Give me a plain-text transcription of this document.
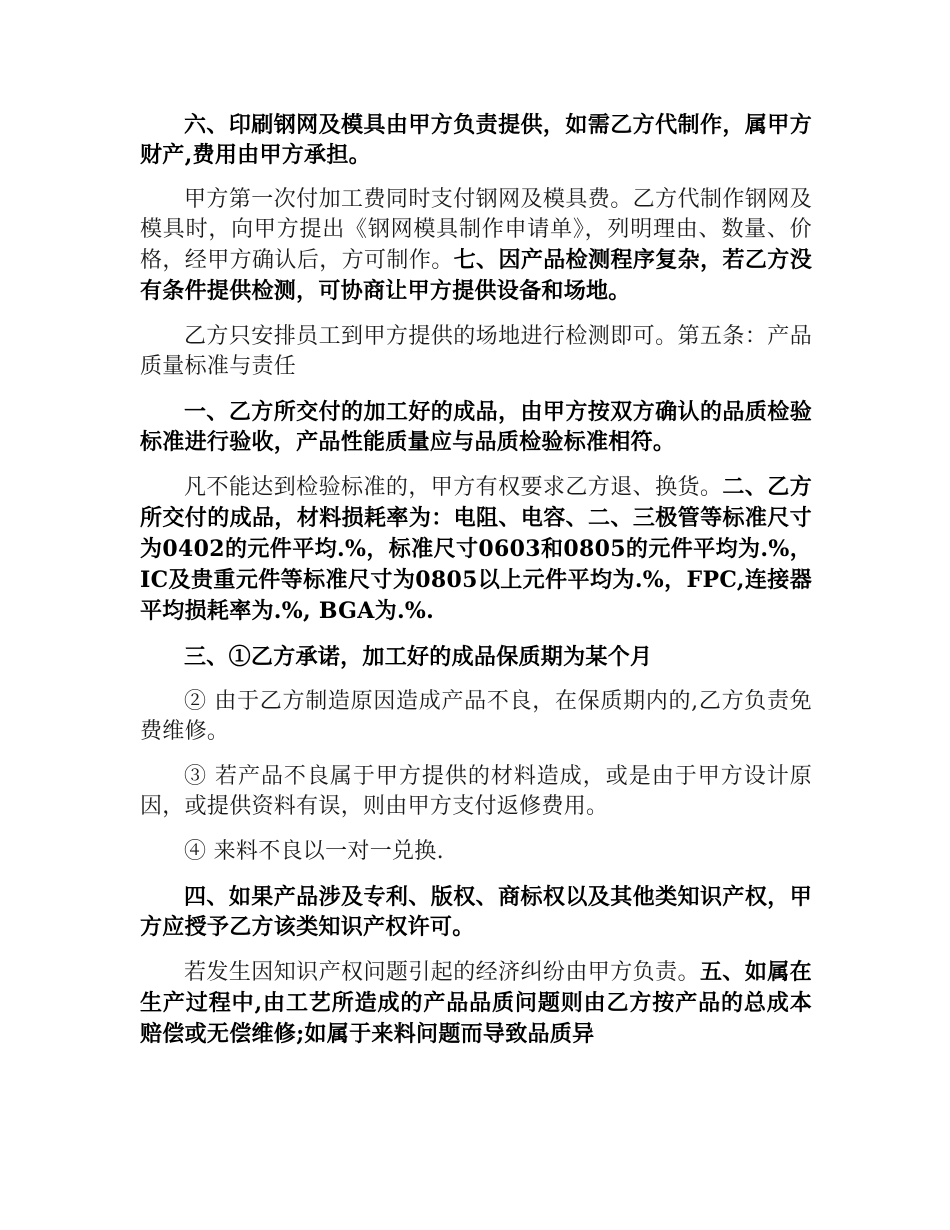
六、印刷钢网及模具由甲方负责提供，如需乙方代制作，属甲方财产,费用由甲方承担。

甲方第一次付加工费同时支付钢网及模具费。乙方代制作钢网及模具时，向甲方提出《钢网模具制作申请单》，列明理由、数量、价格，经甲方确认后，方可制作。七、因产品检测程序复杂，若乙方没有条件提供检测，可协商让甲方提供设备和场地。

乙方只安排员工到甲方提供的场地进行检测即可。第五条：产品质量标准与责任

一、乙方所交付的加工好的成品，由甲方按双方确认的品质检验标准进行验收，产品性能质量应与品质检验标准相符。

凡不能达到检验标准的，甲方有权要求乙方退、换货。二、乙方所交付的成品，材料损耗率为：电阻、电容、二、三极管等标准尺寸为0402的元件平均.%，标准尺寸0603和0805的元件平均为.%，IC及贵重元件等标准尺寸为0805以上元件平均为.%，FPC,连接器平均损耗率为.%, BGA为.%.

三、①乙方承诺，加工好的成品保质期为某个月

② 由于乙方制造原因造成产品不良，在保质期内的,乙方负责免费维修。

③ 若产品不良属于甲方提供的材料造成，或是由于甲方设计原因，或提供资料有误，则由甲方支付返修费用。

④ 来料不良以一对一兑换.

四、如果产品涉及专利、版权、商标权以及其他类知识产权，甲方应授予乙方该类知识产权许可。

若发生因知识产权问题引起的经济纠纷由甲方负责。五、如属在生产过程中,由工艺所造成的产品品质问题则由乙方按产品的总成本赔偿或无偿维修;如属于来料问题而导致品质异
